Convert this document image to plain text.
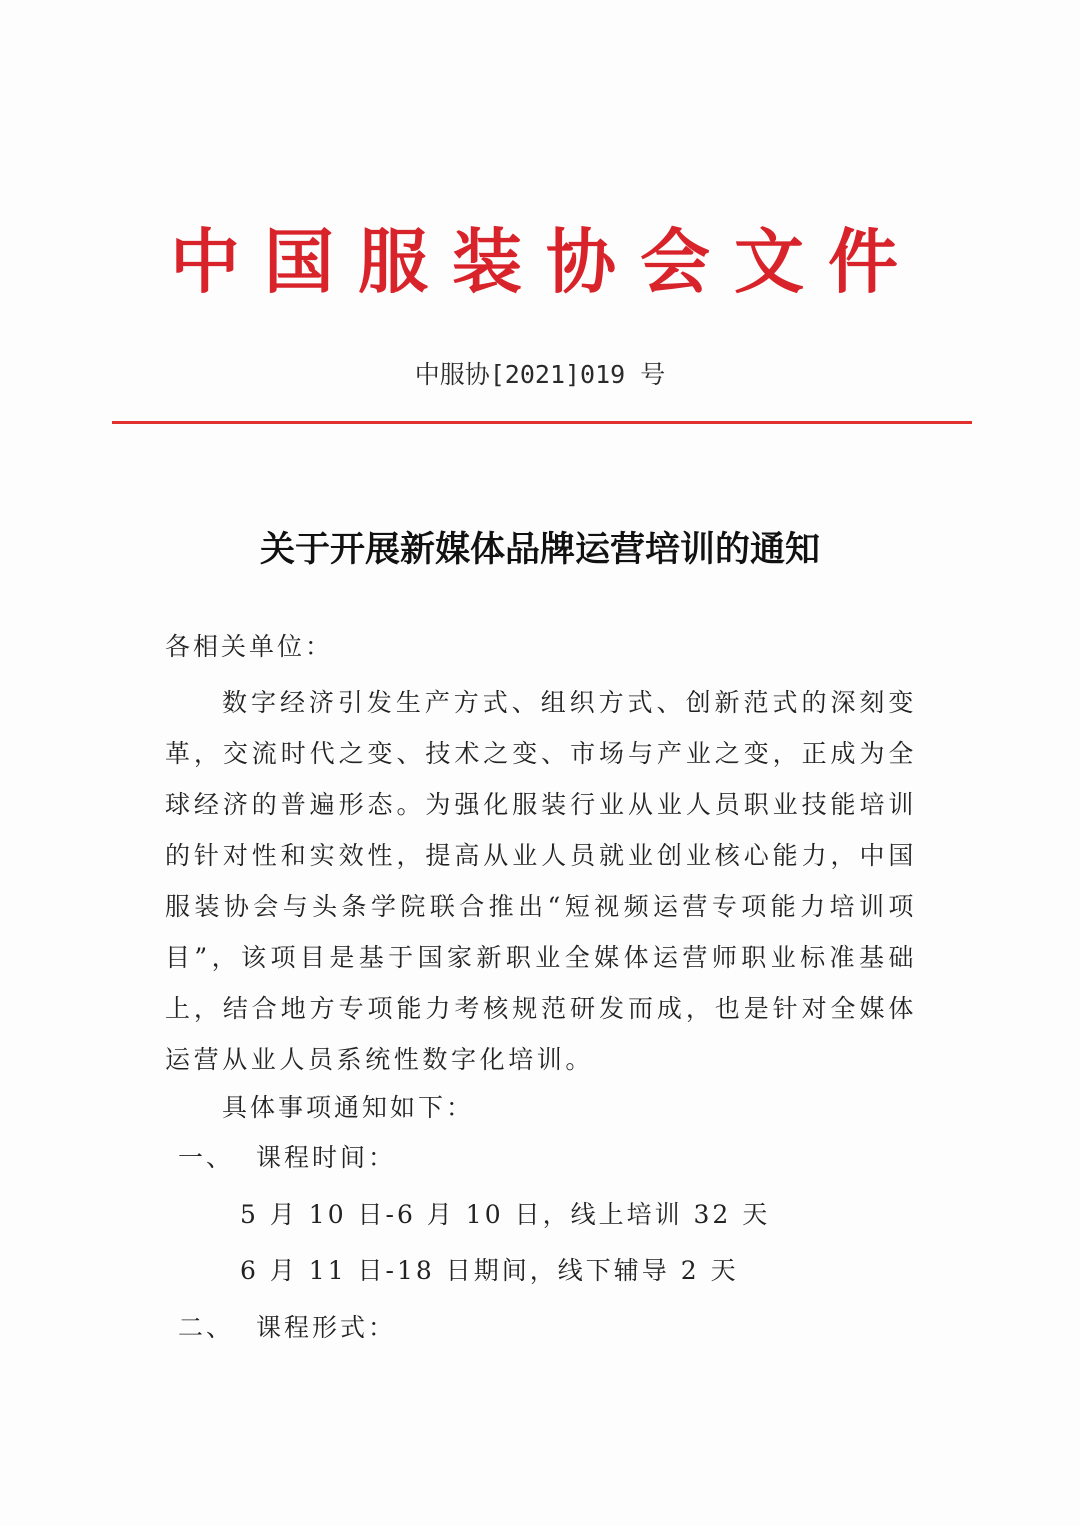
中国服装协会文件
中服协[2021]019 号
关于开展新媒体品牌运营培训的通知
各相关单位：

数字经济引发生产方式、组织方式、创新范式的深刻变革，交流时代之变、技术之变、市场与产业之变，正成为全球经济的普遍形态。为强化服装行业从业人员职业技能培训的针对性和实效性，提高从业人员就业创业核心能力，中国服装协会与头条学院联合推出“短视频运营专项能力培训项目”，该项目是基于国家新职业全媒体运营师职业标准基础上，结合地方专项能力考核规范研发而成，也是针对全媒体运营从业人员系统性数字化培训。

具体事项通知如下：
一、 课程时间：
5 月 10 日-6 月 10 日，线上培训 32 天
6 月 11 日-18 日期间，线下辅导 2 天
二、 课程形式：
